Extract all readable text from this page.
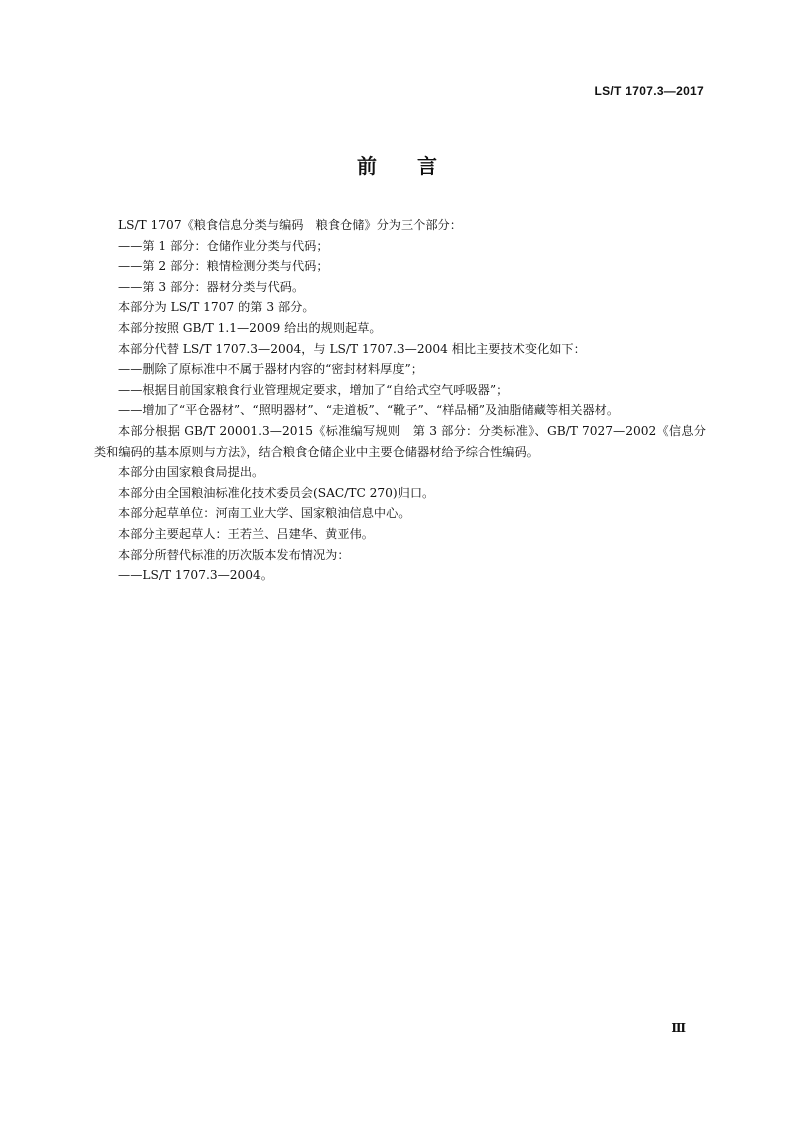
LS/T 1707.3—2017
前言

LS/T 1707《粮食信息分类与编码　粮食仓储》分为三个部分：

——第 1 部分：仓储作业分类与代码；

——第 2 部分：粮情检测分类与代码；

——第 3 部分：器材分类与代码。

本部分为 LS/T 1707 的第 3 部分。

本部分按照 GB/T 1.1—2009 给出的规则起草。

本部分代替 LS/T 1707.3—2004，与 LS/T 1707.3—2004 相比主要技术变化如下：

——删除了原标准中不属于器材内容的“密封材料厚度”；

——根据目前国家粮食行业管理规定要求，增加了“自给式空气呼吸器”；

——增加了“平仓器材”、“照明器材”、“走道板”、“靴子”、“样品桶”及油脂储藏等相关器材。

本部分根据 GB/T 20001.3—2015《标准编写规则　第 3 部分：分类标准》、GB/T 7027—2002《信息分类和编码的基本原则与方法》，结合粮食仓储企业中主要仓储器材给予综合性编码。

本部分由国家粮食局提出。

本部分由全国粮油标准化技术委员会(SAC/TC 270)归口。

本部分起草单位：河南工业大学、国家粮油信息中心。

本部分主要起草人：王若兰、吕建华、黄亚伟。

本部分所替代标准的历次版本发布情况为：

——LS/T 1707.3—2004。

Ⅲ
